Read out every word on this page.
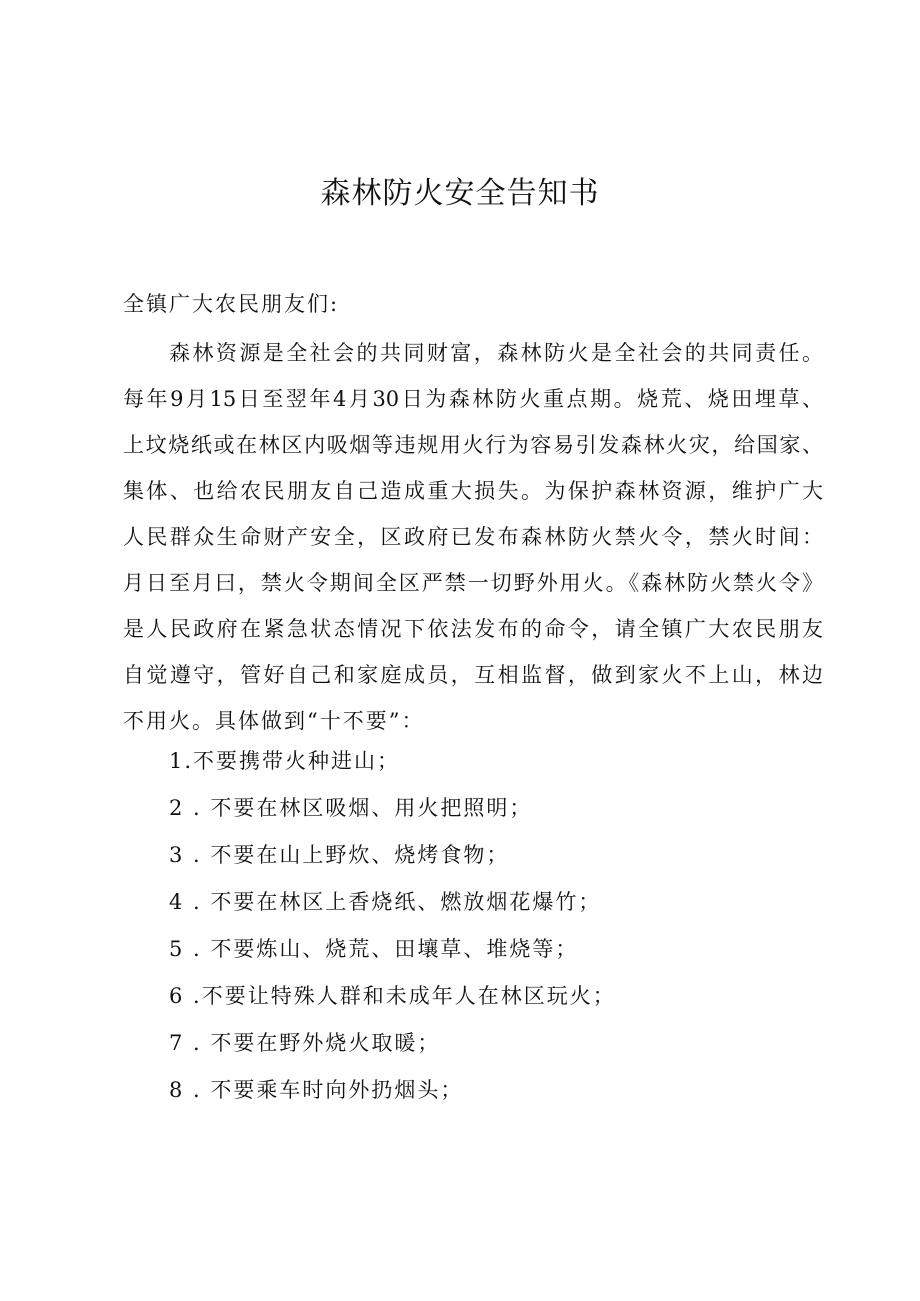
森林防火安全告知书

全镇广大农民朋友们:

森林资源是全社会的共同财富，森林防火是全社会的共同责任。
每年9月15日至翌年4月30日为森林防火重点期。烧荒、烧田埋草、
上坟烧纸或在林区内吸烟等违规用火行为容易引发森林火灾，给国家、
集体、也给农民朋友自己造成重大损失。为保护森林资源，维护广大
人民群众生命财产安全，区政府已发布森林防火禁火令，禁火时间：
月日至月曰，禁火令期间全区严禁一切野外用火。《森林防火禁火令》
是人民政府在紧急状态情况下依法发布的命令，请全镇广大农民朋友
自觉遵守，管好自己和家庭成员，互相监督，做到家火不上山，林边
不用火。具体做到“十不要”：
1.不要携带火种进山；
2 . 不要在林区吸烟、用火把照明；
3 . 不要在山上野炊、烧烤食物；
4 . 不要在林区上香烧纸、燃放烟花爆竹；
5 . 不要炼山、烧荒、田壤草、堆烧等；
6 .不要让特殊人群和未成年人在林区玩火；
7 . 不要在野外烧火取暖；
8 . 不要乘车时向外扔烟头；
